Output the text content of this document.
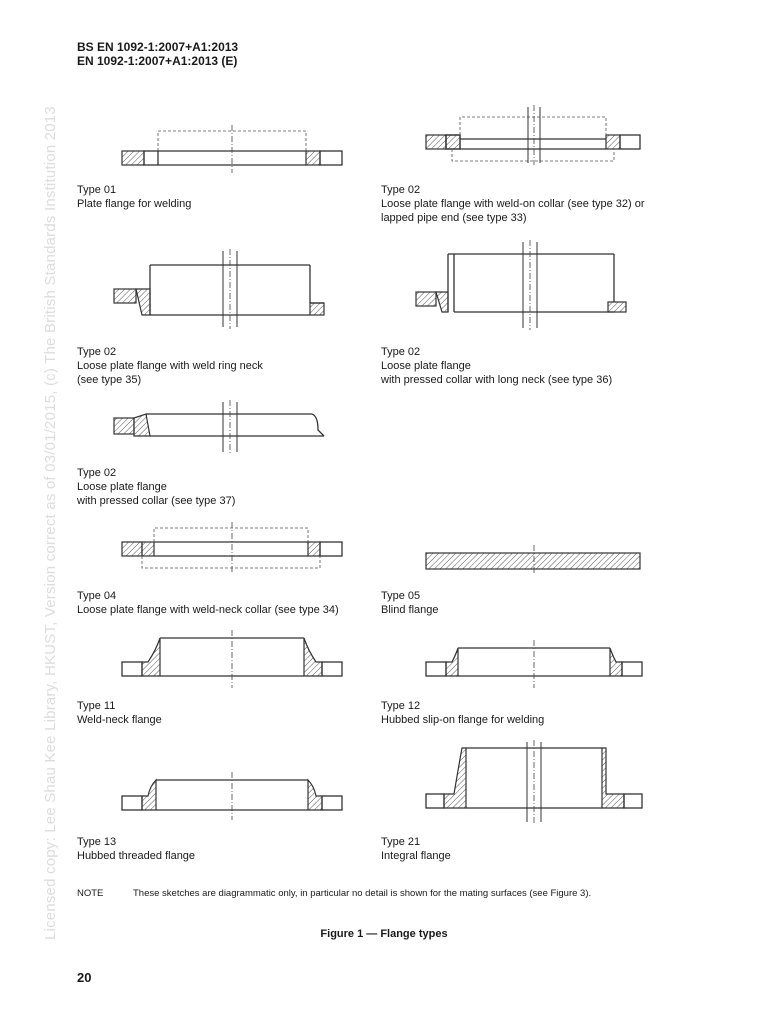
BS EN 1092-1:2007+A1:2013
EN 1092-1:2007+A1:2013 (E)
Licensed copy: Lee Shau Kee Library, HKUST, Version correct as of 03/01/2015, (c) The British Standards Institution 2013 Type 01
Plate flange for welding
Type 02
Loose plate flange with weld-on collar (see type 32) or
lapped pipe end (see type 33)
Type 02
Loose plate flange with weld ring neck
(see type 35)
Type 02
Loose plate flange
with pressed collar with long neck (see type 36)
Type 02
Loose plate flange
with pressed collar (see type 37)
Type 04
Loose plate flange with weld-neck collar (see type 34)
Type 05
Blind flange
Type 11
Weld-neck flange
Type 12
Hubbed slip-on flange for welding
Type 13
Hubbed threaded flange
Type 21
Integral flange
NOTE	These sketches are diagrammatic only, in particular no detail is shown for the mating surfaces (see Figure 3).
Figure 1 — Flange types
20
